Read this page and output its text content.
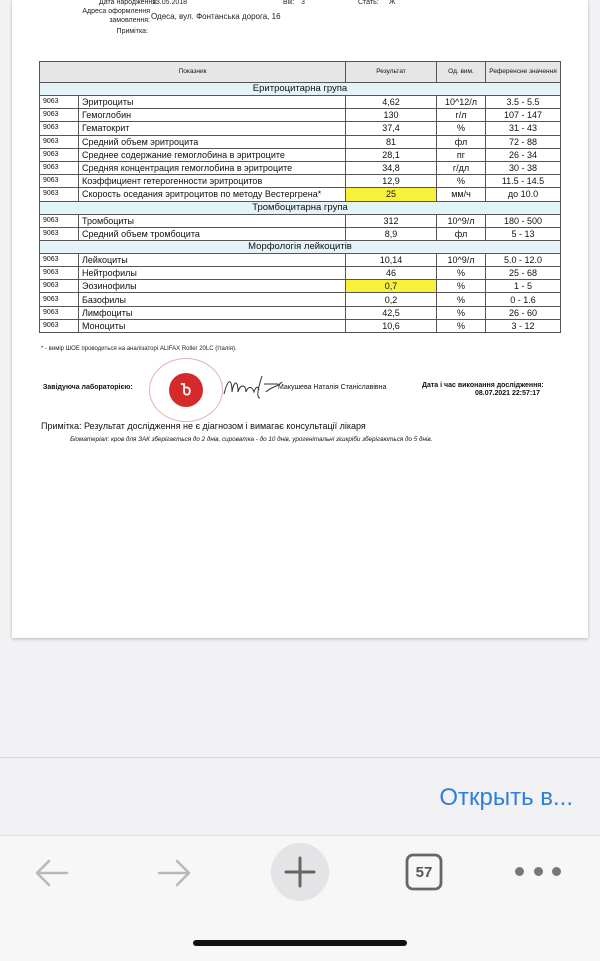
Дата народження:
13.05.2018	Вік: 3	Стать: Ж
Адреса оформлення замовлення: Одеса, вул. Фонтанська дорога, 16
Примітка:
Показник		Результат	Од. вим.	Референсне значення
Еритроцитарна група				
9063	Эритроциты	4,62	10^12/л	3.5 - 5.5
9063	Гемоглобин	130	г/л	107 - 147
9063	Гематокрит	37,4	%	31 - 43
9063	Средний объем эритроцита	81	фл	72 - 88
9063	Среднее содержание гемоглобина в эритроците	28,1	пг	26 - 34
9063	Средняя концентрация гемоглобина в эритроците	34,8	г/дл	30 - 38
9063	Коэффициент гетерогенности эритроцитов	12,9	%	11.5 - 14.5
9063	Скорость оседания эритроцитов по методу Вестергрена*	25	мм/ч	до 10.0
Тромбоцитарна група				
9063	Тромбоциты	312	10^9/л	180 - 500
9063	Средний объем тромбоцита	8,9	фл	5 - 13
Морфологія лейкоцитів				
9063	Лейкоциты	10,14	10^9/л	5.0 - 12.0
9063	Нейтрофилы	46	%	25 - 68
9063	Эозинофилы	0,7	%	1 - 5
9063	Базофилы	0,2	%	0 - 1.6
9063	Лимфоциты	42,5	%	26 - 60
9063	Моноциты	10,6	%	3 - 12
* - вимір ШОЕ проводиться на аналізаторі ALIFAX Roller 20LC (Італія).
Завідуюча лабораторією:	Ⴆ	Макушева Наталія Станіславівна	Дата і час виконання дослідження:
08.07.2021 22:57:17
Примітка: Результат дослідження не є діагнозом і вимагає консультації лікаря
Біоматеріал: кров для ЗАК зберігається до 2 днів, сироватка - до 10 днів, урогенітальні зішкріби зберігаються до 5 днів.
Открыть в...
57
